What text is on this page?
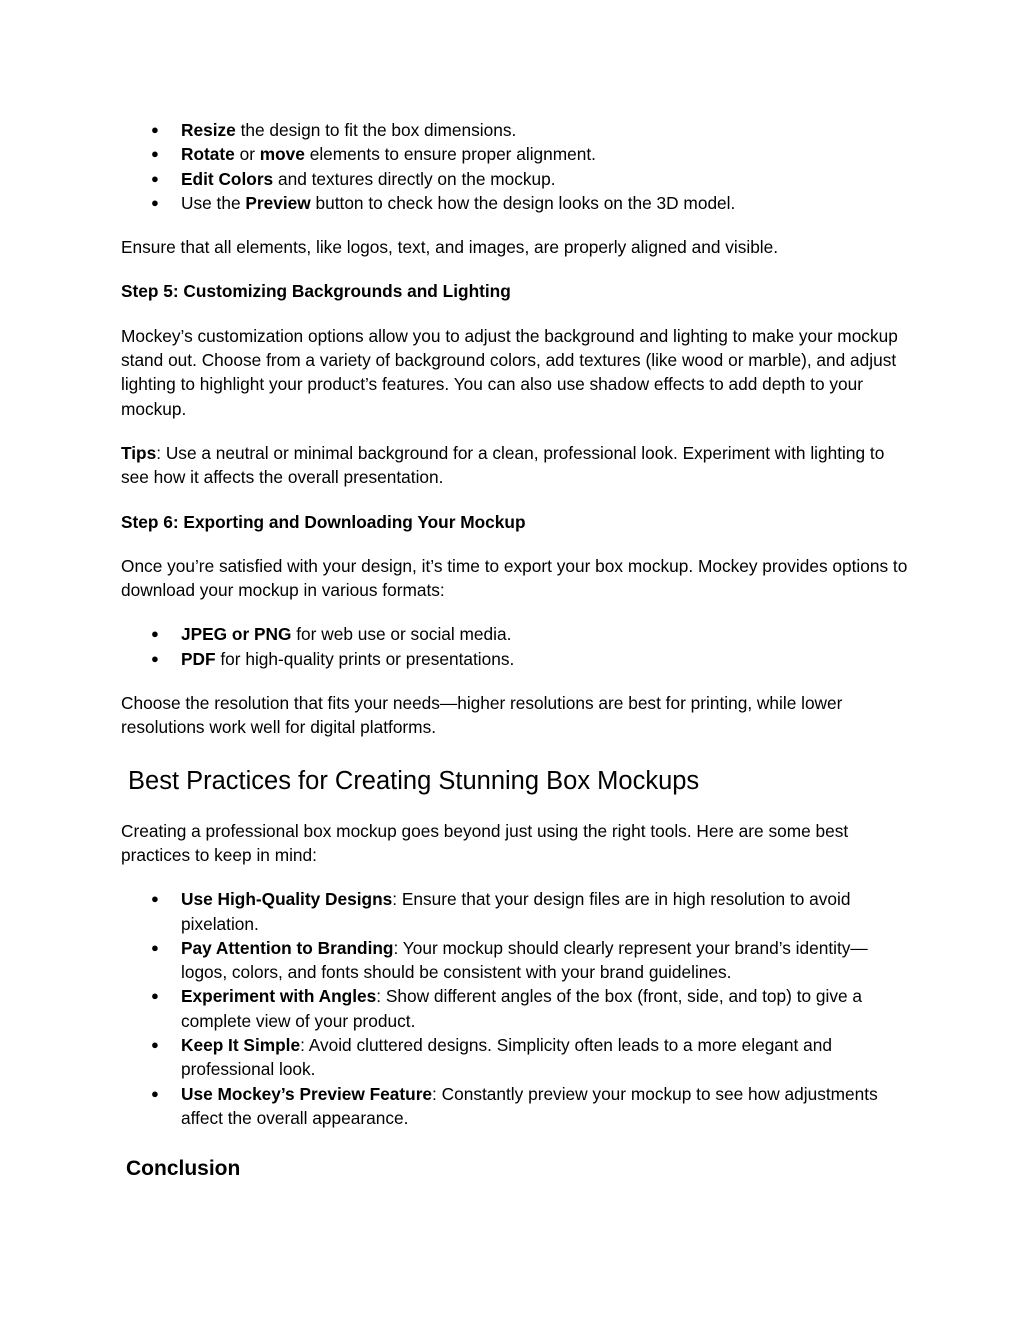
● Resize the design to fit the box dimensions.
● Rotate or move elements to ensure proper alignment.
● Edit Colors and textures directly on the mockup.
● Use the Preview button to check how the design looks on the 3D model.

Ensure that all elements, like logos, text, and images, are properly aligned and visible.

Step 5: Customizing Backgrounds and Lighting

Mockey’s customization options allow you to adjust the background and lighting to make your mockup stand out. Choose from a variety of background colors, add textures (like wood or marble), and adjust lighting to highlight your product’s features. You can also use shadow effects to add depth to your mockup.

Tips: Use a neutral or minimal background for a clean, professional look. Experiment with lighting to see how it affects the overall presentation.

Step 6: Exporting and Downloading Your Mockup

Once you’re satisfied with your design, it’s time to export your box mockup. Mockey provides options to download your mockup in various formats:

● JPEG or PNG for web use or social media.
● PDF for high-quality prints or presentations.

Choose the resolution that fits your needs—higher resolutions are best for printing, while lower resolutions work well for digital platforms.

Best Practices for Creating Stunning Box Mockups

Creating a professional box mockup goes beyond just using the right tools. Here are some best practices to keep in mind:

● Use High-Quality Designs: Ensure that your design files are in high resolution to avoid pixelation.
● Pay Attention to Branding: Your mockup should clearly represent your brand’s identity—logos, colors, and fonts should be consistent with your brand guidelines.
● Experiment with Angles: Show different angles of the box (front, side, and top) to give a complete view of your product.
● Keep It Simple: Avoid cluttered designs. Simplicity often leads to a more elegant and professional look.
● Use Mockey’s Preview Feature: Constantly preview your mockup to see how adjustments affect the overall appearance.

Conclusion
